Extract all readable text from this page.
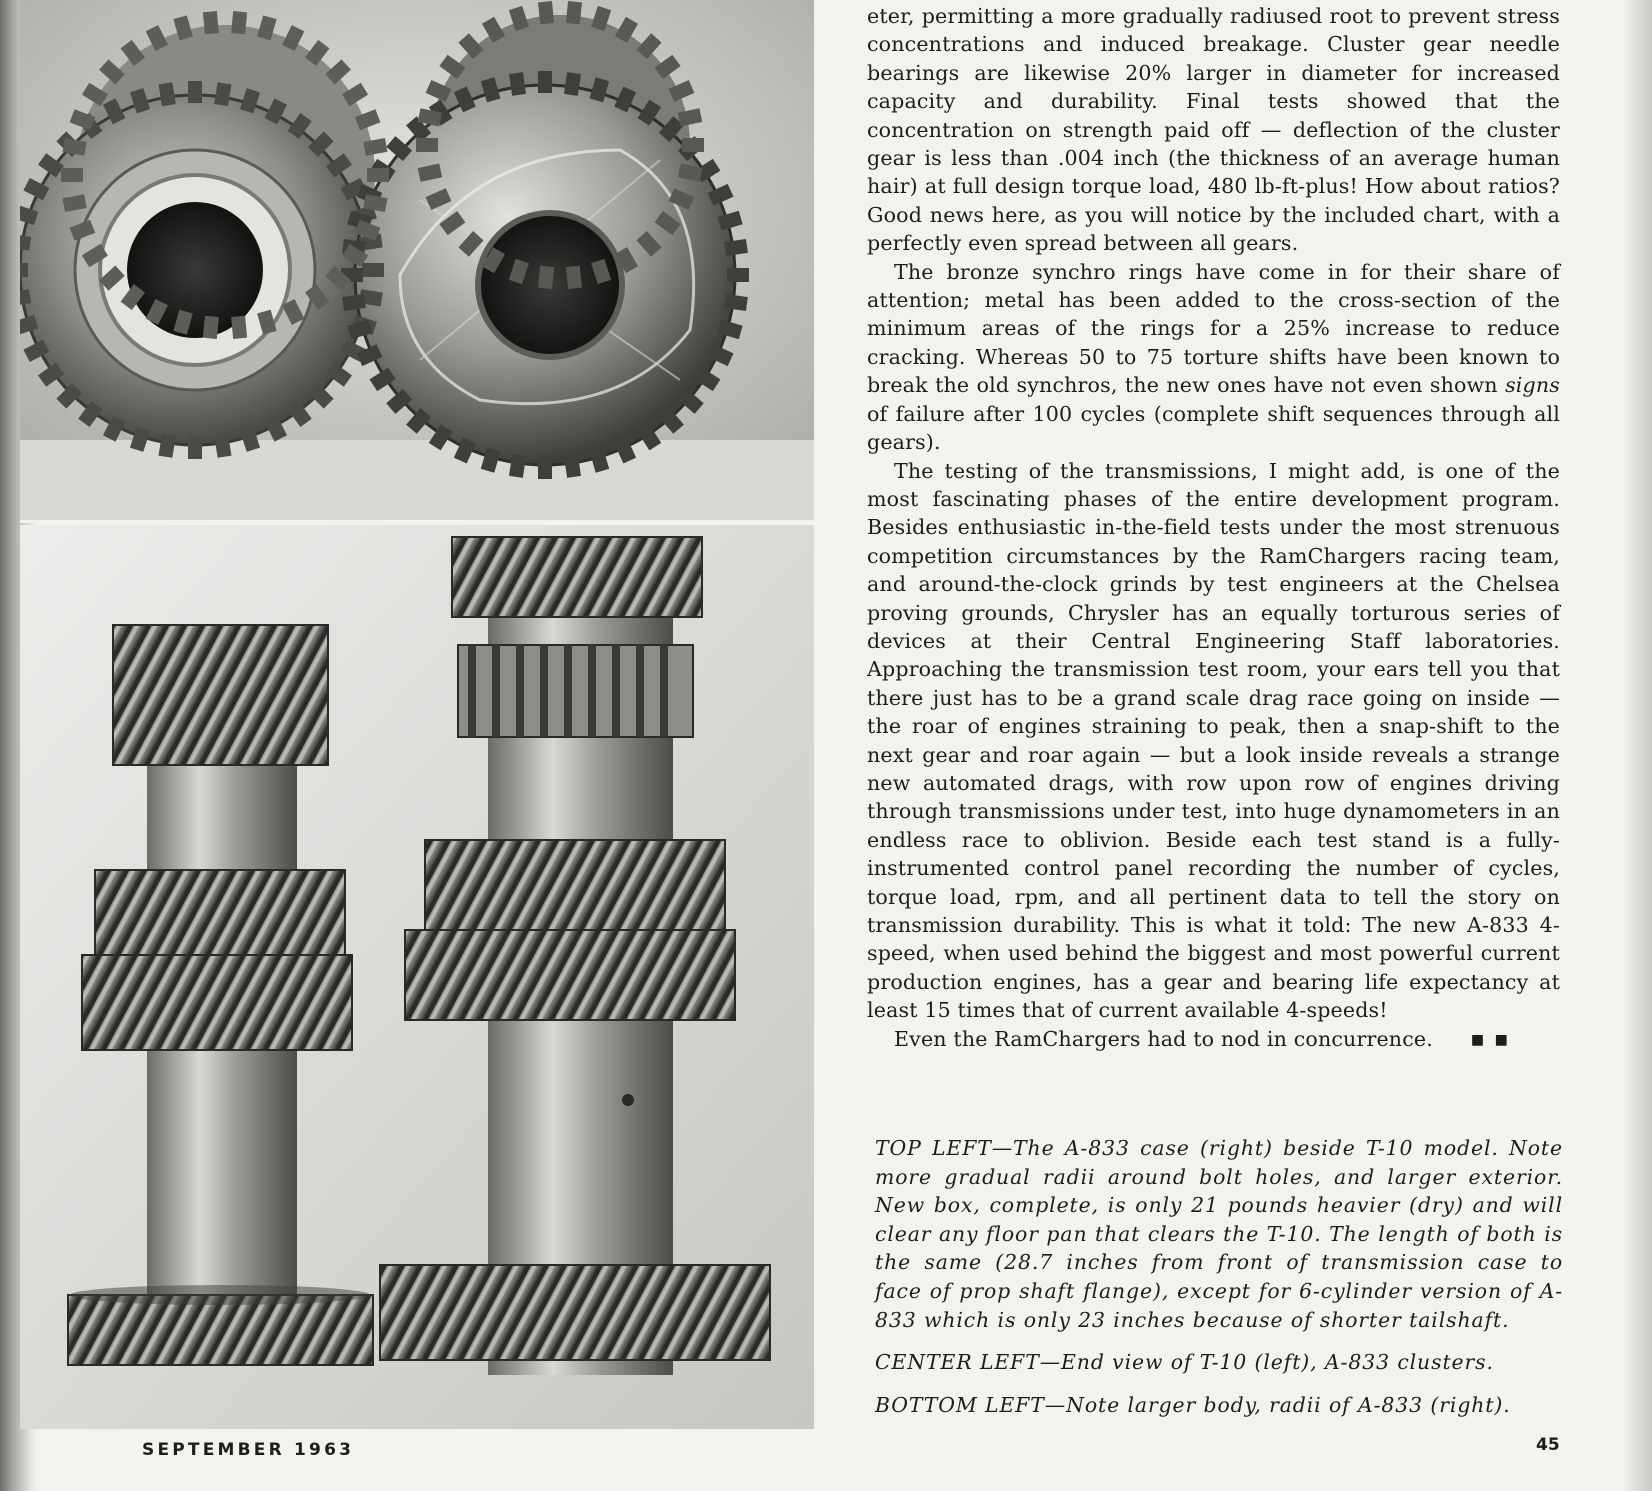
eter, permitting a more gradually radiused root to prevent stress concentrations and induced breakage. Cluster gear needle bearings are likewise 20% larger in diameter for increased capacity and durability. Final tests showed that the concentration on strength paid off — deflection of the cluster gear is less than .004 inch (the thickness of an average human hair) at full design torque load, 480 lb-ft-plus! How about ratios? Good news here, as you will notice by the included chart, with a perfectly even spread between all gears.

The bronze synchro rings have come in for their share of attention; metal has been added to the cross-section of the minimum areas of the rings for a 25% increase to reduce cracking. Whereas 50 to 75 torture shifts have been known to break the old synchros, the new ones have not even shown signs of failure after 100 cycles (complete shift sequences through all gears).

The testing of the transmissions, I might add, is one of the most fascinating phases of the entire development program. Besides enthusiastic in-the-field tests under the most strenuous competition circumstances by the RamChargers racing team, and around-the-clock grinds by test engineers at the Chelsea proving grounds, Chrysler has an equally torturous series of devices at their Central Engineering Staff laboratories. Approaching the transmission test room, your ears tell you that there just has to be a grand scale drag race going on inside — the roar of engines straining to peak, then a snap-shift to the next gear and roar again — but a look inside reveals a strange new automated drags, with row upon row of engines driving through transmissions under test, into huge dynamometers in an endless race to oblivion. Beside each test stand is a fully-instrumented control panel recording the number of cycles, torque load, rpm, and all pertinent data to tell the story on transmission durability. This is what it told: The new A-833 4-speed, when used behind the biggest and most powerful current production engines, has a gear and bearing life expectancy at least 15 times that of current available 4-speeds!

Even the RamChargers had to nod in concurrence.	■ ■

TOP LEFT—The A-833 case (right) beside T-10 model. Note more gradual radii around bolt holes, and larger exterior. New box, complete, is only 21 pounds heavier (dry) and will clear any floor pan that clears the T-10. The length of both is the same (28.7 inches from front of transmission case to face of prop shaft flange), except for 6-cylinder version of A-833 which is only 23 inches because of shorter tailshaft.

CENTER LEFT—End view of T-10 (left), A-833 clusters.

BOTTOM LEFT—Note larger body, radii of A-833 (right).

SEPTEMBER 1963	45
